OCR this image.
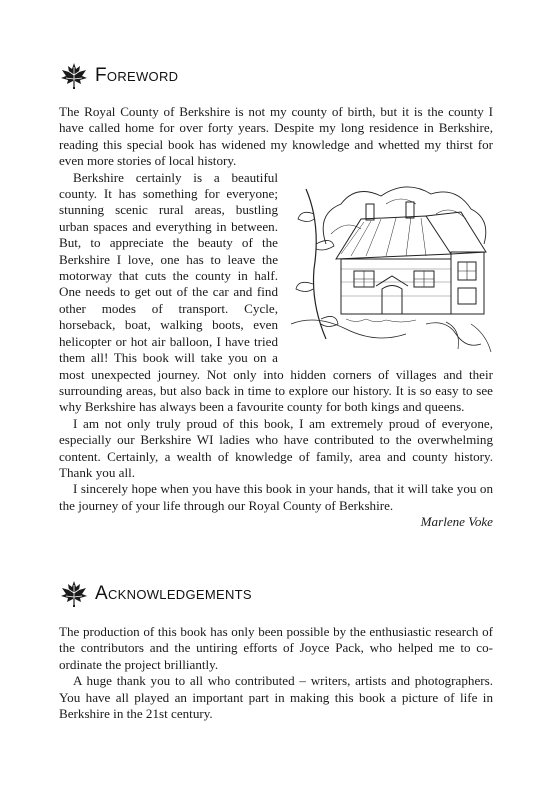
Foreword

The Royal County of Berkshire is not my county of birth, but it is the county I have called home for over forty years. Despite my long residence in Berkshire, reading this special book has widened my knowledge and whetted my thirst for even more stories of local history.

Berkshire certainly is a beautiful county. It has something for everyone; stunning scenic rural areas, bustling urban spaces and everything in between. But, to appreciate the beauty of the Berkshire I love, one has to leave the motorway that cuts the county in half. One needs to get out of the car and find other modes of transport. Cycle, horseback, boat, walking boots, even helicopter or hot air balloon, I have tried them all! This book will take you on a most unexpected journey. Not only into hidden corners of villages and their surrounding areas, but also back in time to explore our history. It is so easy to see why Berkshire has always been a favourite county for both kings and queens.

I am not only truly proud of this book, I am extremely proud of everyone, especially our Berkshire WI ladies who have contributed to the overwhelming content. Certainly, a wealth of knowledge of family, area and county history. Thank you all.

I sincerely hope when you have this book in your hands, that it will take you on the journey of your life through our Royal County of Berkshire.

Marlene Voke

Acknowledgements

The production of this book has only been possible by the enthusiastic research of the contributors and the untiring efforts of Joyce Pack, who helped me to co-ordinate the project brilliantly.

A huge thank you to all who contributed – writers, artists and photographers. You have all played an important part in making this book a picture of life in Berkshire in the 21st century.
